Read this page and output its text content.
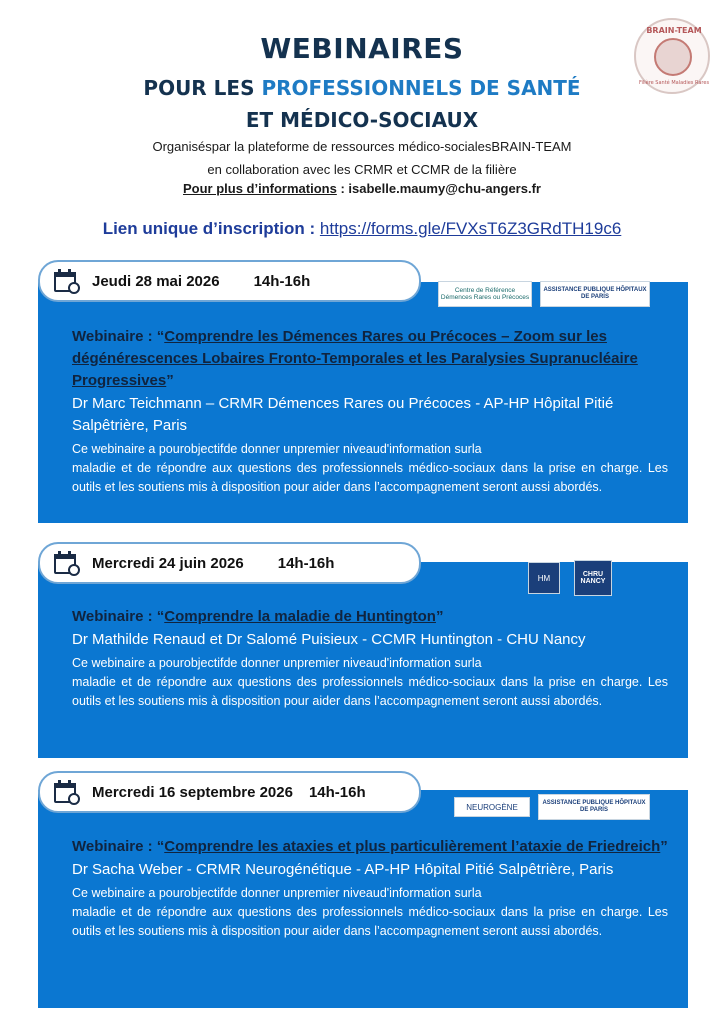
BRAIN-TEAM
Filière Santé Maladies Rares
WEBINAIRES
POUR LES PROFESSIONNELS DE SANTÉ
ET MÉDICO-SOCIAUX
Organiséspar la plateforme de ressources médico-socialesBRAIN-TEAM
en collaboration avec les CRMR et CCMR de la filière
Pour plus d’informations : isabelle.maumy@chu-angers.fr
Lien unique d’inscription : https://forms.gle/FVXsT6Z3GRdTH19c6
Jeudi 28 mai 2026 14h-16h
Centre de Référence Démences Rares ou Précoces
ASSISTANCE PUBLIQUE HÔPITAUX DE PARIS
Webinaire : “Comprendre les Démences Rares ou Précoces – Zoom sur les dégénérescences Lobaires Fronto-Temporales et les Paralysies Supranucléaire Progressives”
Dr Marc Teichmann – CRMR Démences Rares ou Précoces - AP-HP Hôpital Pitié Salpêtrière, Paris
Ce webinaire a pourobjectifde donner unpremier niveaud'information surla
maladie et de répondre aux questions des professionnels médico-sociaux dans la prise en charge. Les outils et les soutiens mis à disposition pour aider dans l’accompagnement seront aussi abordés.
Mercredi 24 juin 2026 14h-16h
HM	CHRU NANCY
Webinaire : “Comprendre la maladie de Huntington”
Dr Mathilde Renaud et Dr Salomé Puisieux - CCMR Huntington - CHU Nancy
Ce webinaire a pourobjectifde donner unpremier niveaud'information surla
maladie et de répondre aux questions des professionnels médico-sociaux dans la prise en charge. Les outils et les soutiens mis à disposition pour aider dans l’accompagnement seront aussi abordés.
Mercredi 16 septembre 2026 14h-16h
NEUROGÈNE	ASSISTANCE PUBLIQUE HÔPITAUX DE PARIS
Webinaire : “Comprendre les ataxies et plus particulièrement l’ataxie de Friedreich”
Dr Sacha Weber - CRMR Neurogénétique - AP-HP Hôpital Pitié Salpêtrière, Paris
Ce webinaire a pourobjectifde donner unpremier niveaud'information surla
maladie et de répondre aux questions des professionnels médico-sociaux dans la prise en charge. Les outils et les soutiens mis à disposition pour aider dans l’accompagnement seront aussi abordés.
